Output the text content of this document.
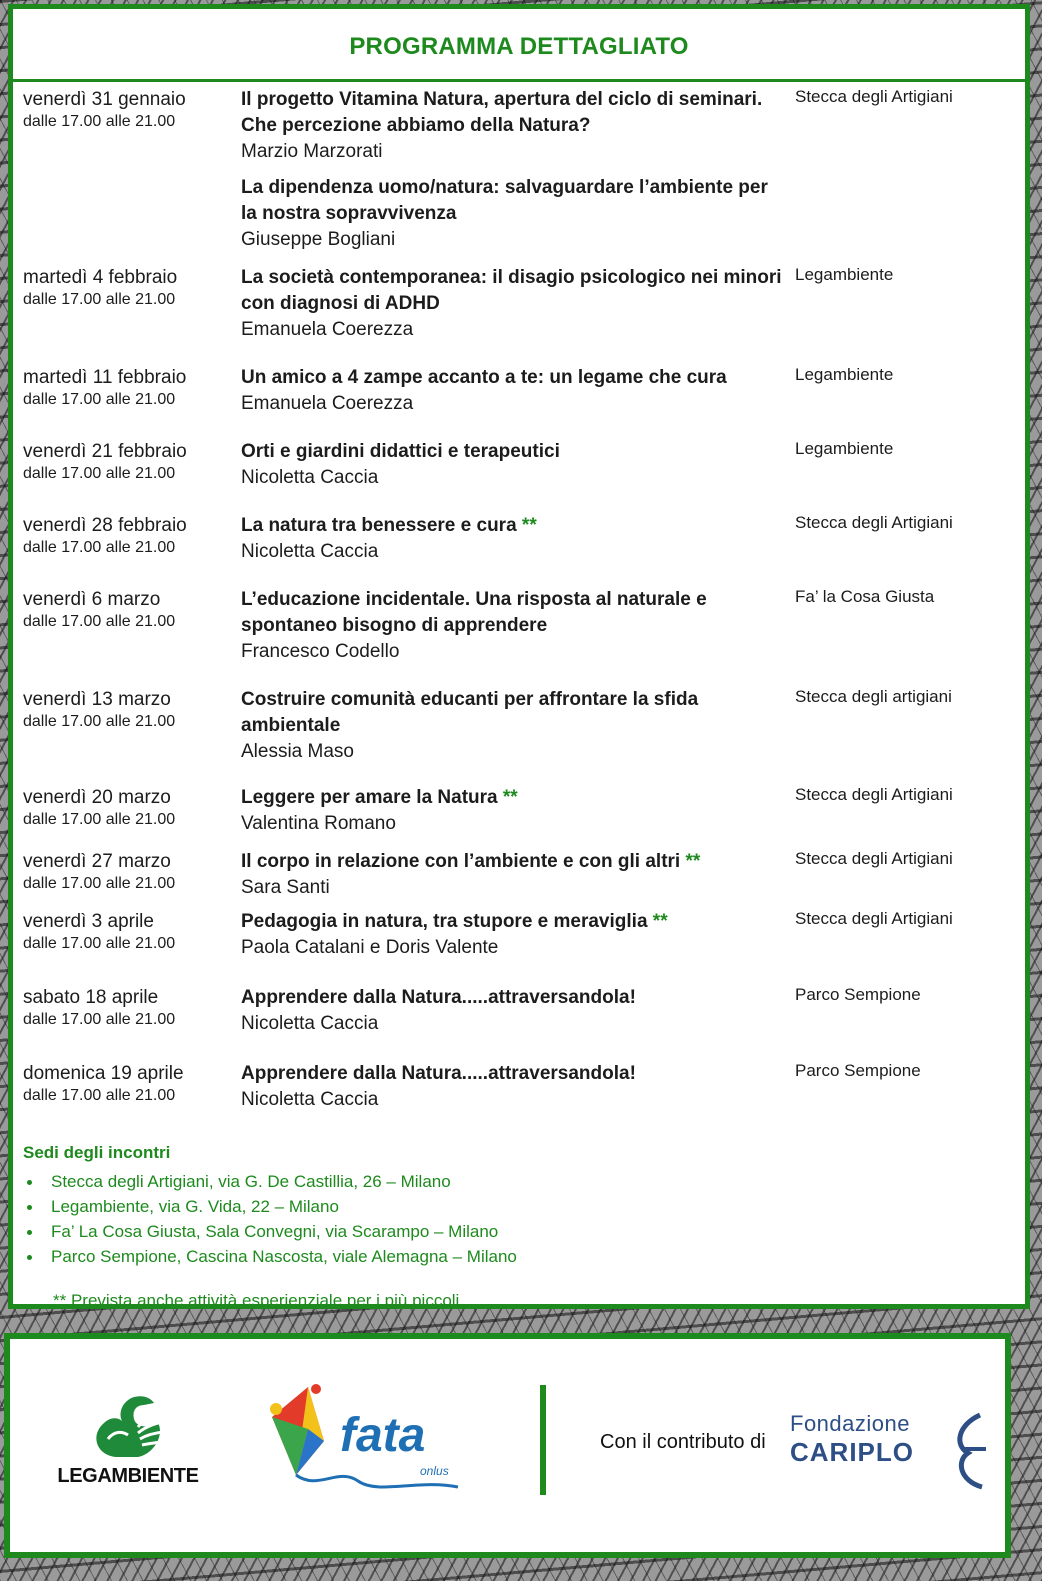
PROGRAMMA DETTAGLIATO
venerdì 31 gennaio
dalle 17.00 alle 21.00
Il progetto Vitamina Natura, apertura del ciclo di seminari. Che percezione abbiamo della Natura?
Marzio Marzorati
Stecca degli Artigiani
La dipendenza uomo/natura: salvaguardare l’ambiente per la nostra sopravvivenza
Giuseppe Bogliani
martedì 4 febbraio
dalle 17.00 alle 21.00
La società contemporanea: il disagio psicologico nei minori con diagnosi di ADHD
Emanuela Coerezza
Legambiente
martedì 11 febbraio
dalle 17.00 alle 21.00
Un amico a 4 zampe accanto a te: un legame che cura
Emanuela Coerezza
Legambiente
venerdì 21 febbraio
dalle 17.00 alle 21.00
Orti e giardini didattici e terapeutici
Nicoletta Caccia
Legambiente
venerdì 28 febbraio
dalle 17.00 alle 21.00
La natura tra benessere e cura **
Nicoletta Caccia
Stecca degli Artigiani
venerdì 6 marzo
dalle 17.00 alle 21.00
L’educazione incidentale. Una risposta al naturale e spontaneo bisogno di apprendere
Francesco Codello
Fa’ la Cosa Giusta
venerdì 13 marzo
dalle 17.00 alle 21.00
Costruire comunità educanti per affrontare la sfida ambientale
Alessia Maso
Stecca degli artigiani
venerdì 20 marzo
dalle 17.00 alle 21.00
Leggere per amare la Natura **
Valentina Romano
Stecca degli Artigiani
venerdì 27 marzo
dalle 17.00 alle 21.00
Il corpo in relazione con l’ambiente e con gli altri **
Sara Santi
Stecca degli Artigiani
venerdì 3 aprile
dalle 17.00 alle 21.00
Pedagogia in natura, tra stupore e meraviglia **
Paola Catalani e Doris Valente
Stecca degli Artigiani
sabato 18 aprile
dalle 17.00 alle 21.00
Apprendere dalla Natura.....attraversandola!
Nicoletta Caccia
Parco Sempione
domenica 19 aprile
dalle 17.00 alle 21.00
Apprendere dalla Natura.....attraversandola!
Nicoletta Caccia
Parco Sempione
Sedi degli incontri
Stecca degli Artigiani, via G. De Castillia, 26 – Milano
Legambiente, via G. Vida, 22 – Milano
Fa’ La Cosa Giusta, Sala Convegni, via Scarampo – Milano
Parco Sempione, Cascina Nascosta, viale Alemagna – Milano
** Prevista anche attività esperienziale per i più piccoli
LEGAMBIENTE
fata
onlus
Con il contributo di
Fondazione
CARIPLO
